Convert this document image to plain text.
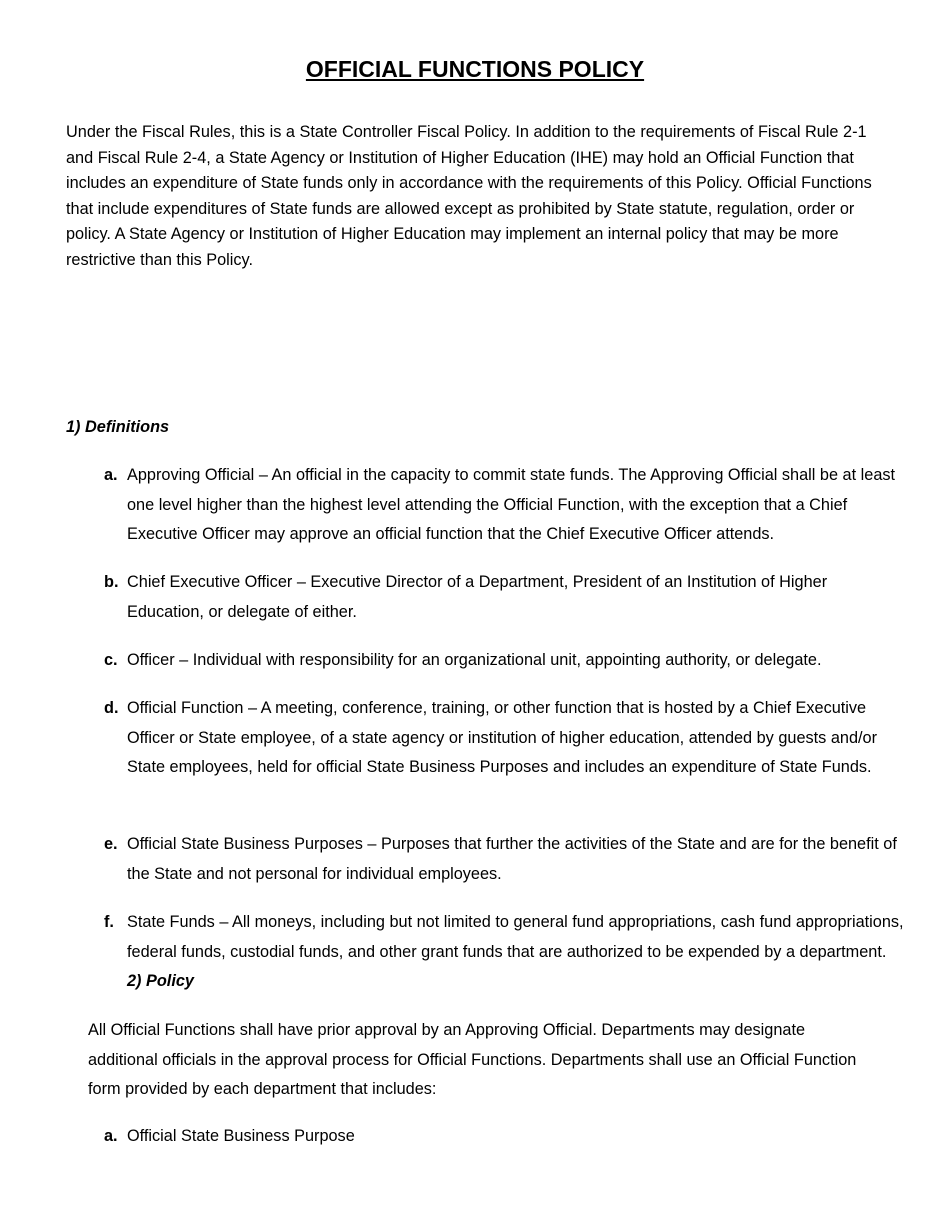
OFFICIAL FUNCTIONS POLICY

Under the Fiscal Rules, this is a State Controller Fiscal Policy. In addition to the requirements of Fiscal Rule 2-1 and Fiscal Rule 2-4, a State Agency or Institution of Higher Education (IHE) may hold an Official Function that includes an expenditure of State funds only in accordance with the requirements of this Policy. Official Functions that include expenditures of State funds are allowed except as prohibited by State statute, regulation, order or policy. A State Agency or Institution of Higher Education may implement an internal policy that may be more restrictive than this Policy.

1) Definitions

a. Approving Official – An official in the capacity to commit state funds. The Approving Official shall be at least one level higher than the highest level attending the Official Function, with the exception that a Chief Executive Officer may approve an official function that the Chief Executive Officer attends.
b. Chief Executive Officer – Executive Director of a Department, President of an Institution of Higher Education, or delegate of either.
c. Officer – Individual with responsibility for an organizational unit, appointing authority, or delegate.
d. Official Function – A meeting, conference, training, or other function that is hosted by a Chief Executive Officer or State employee, of a state agency or institution of higher education, attended by guests and/or State employees, held for official State Business Purposes and includes an expenditure of State Funds.
e. Official State Business Purposes – Purposes that further the activities of the State and are for the benefit of the State and not personal for individual employees.
f. State Funds – All moneys, including but not limited to general fund appropriations, cash fund appropriations, federal funds, custodial funds, and other grant funds that are authorized to be expended by a department. 2) Policy

All Official Functions shall have prior approval by an Approving Official. Departments may designate additional officials in the approval process for Official Functions. Departments shall use an Official Function form provided by each department that includes:

a. Official State Business Purpose
